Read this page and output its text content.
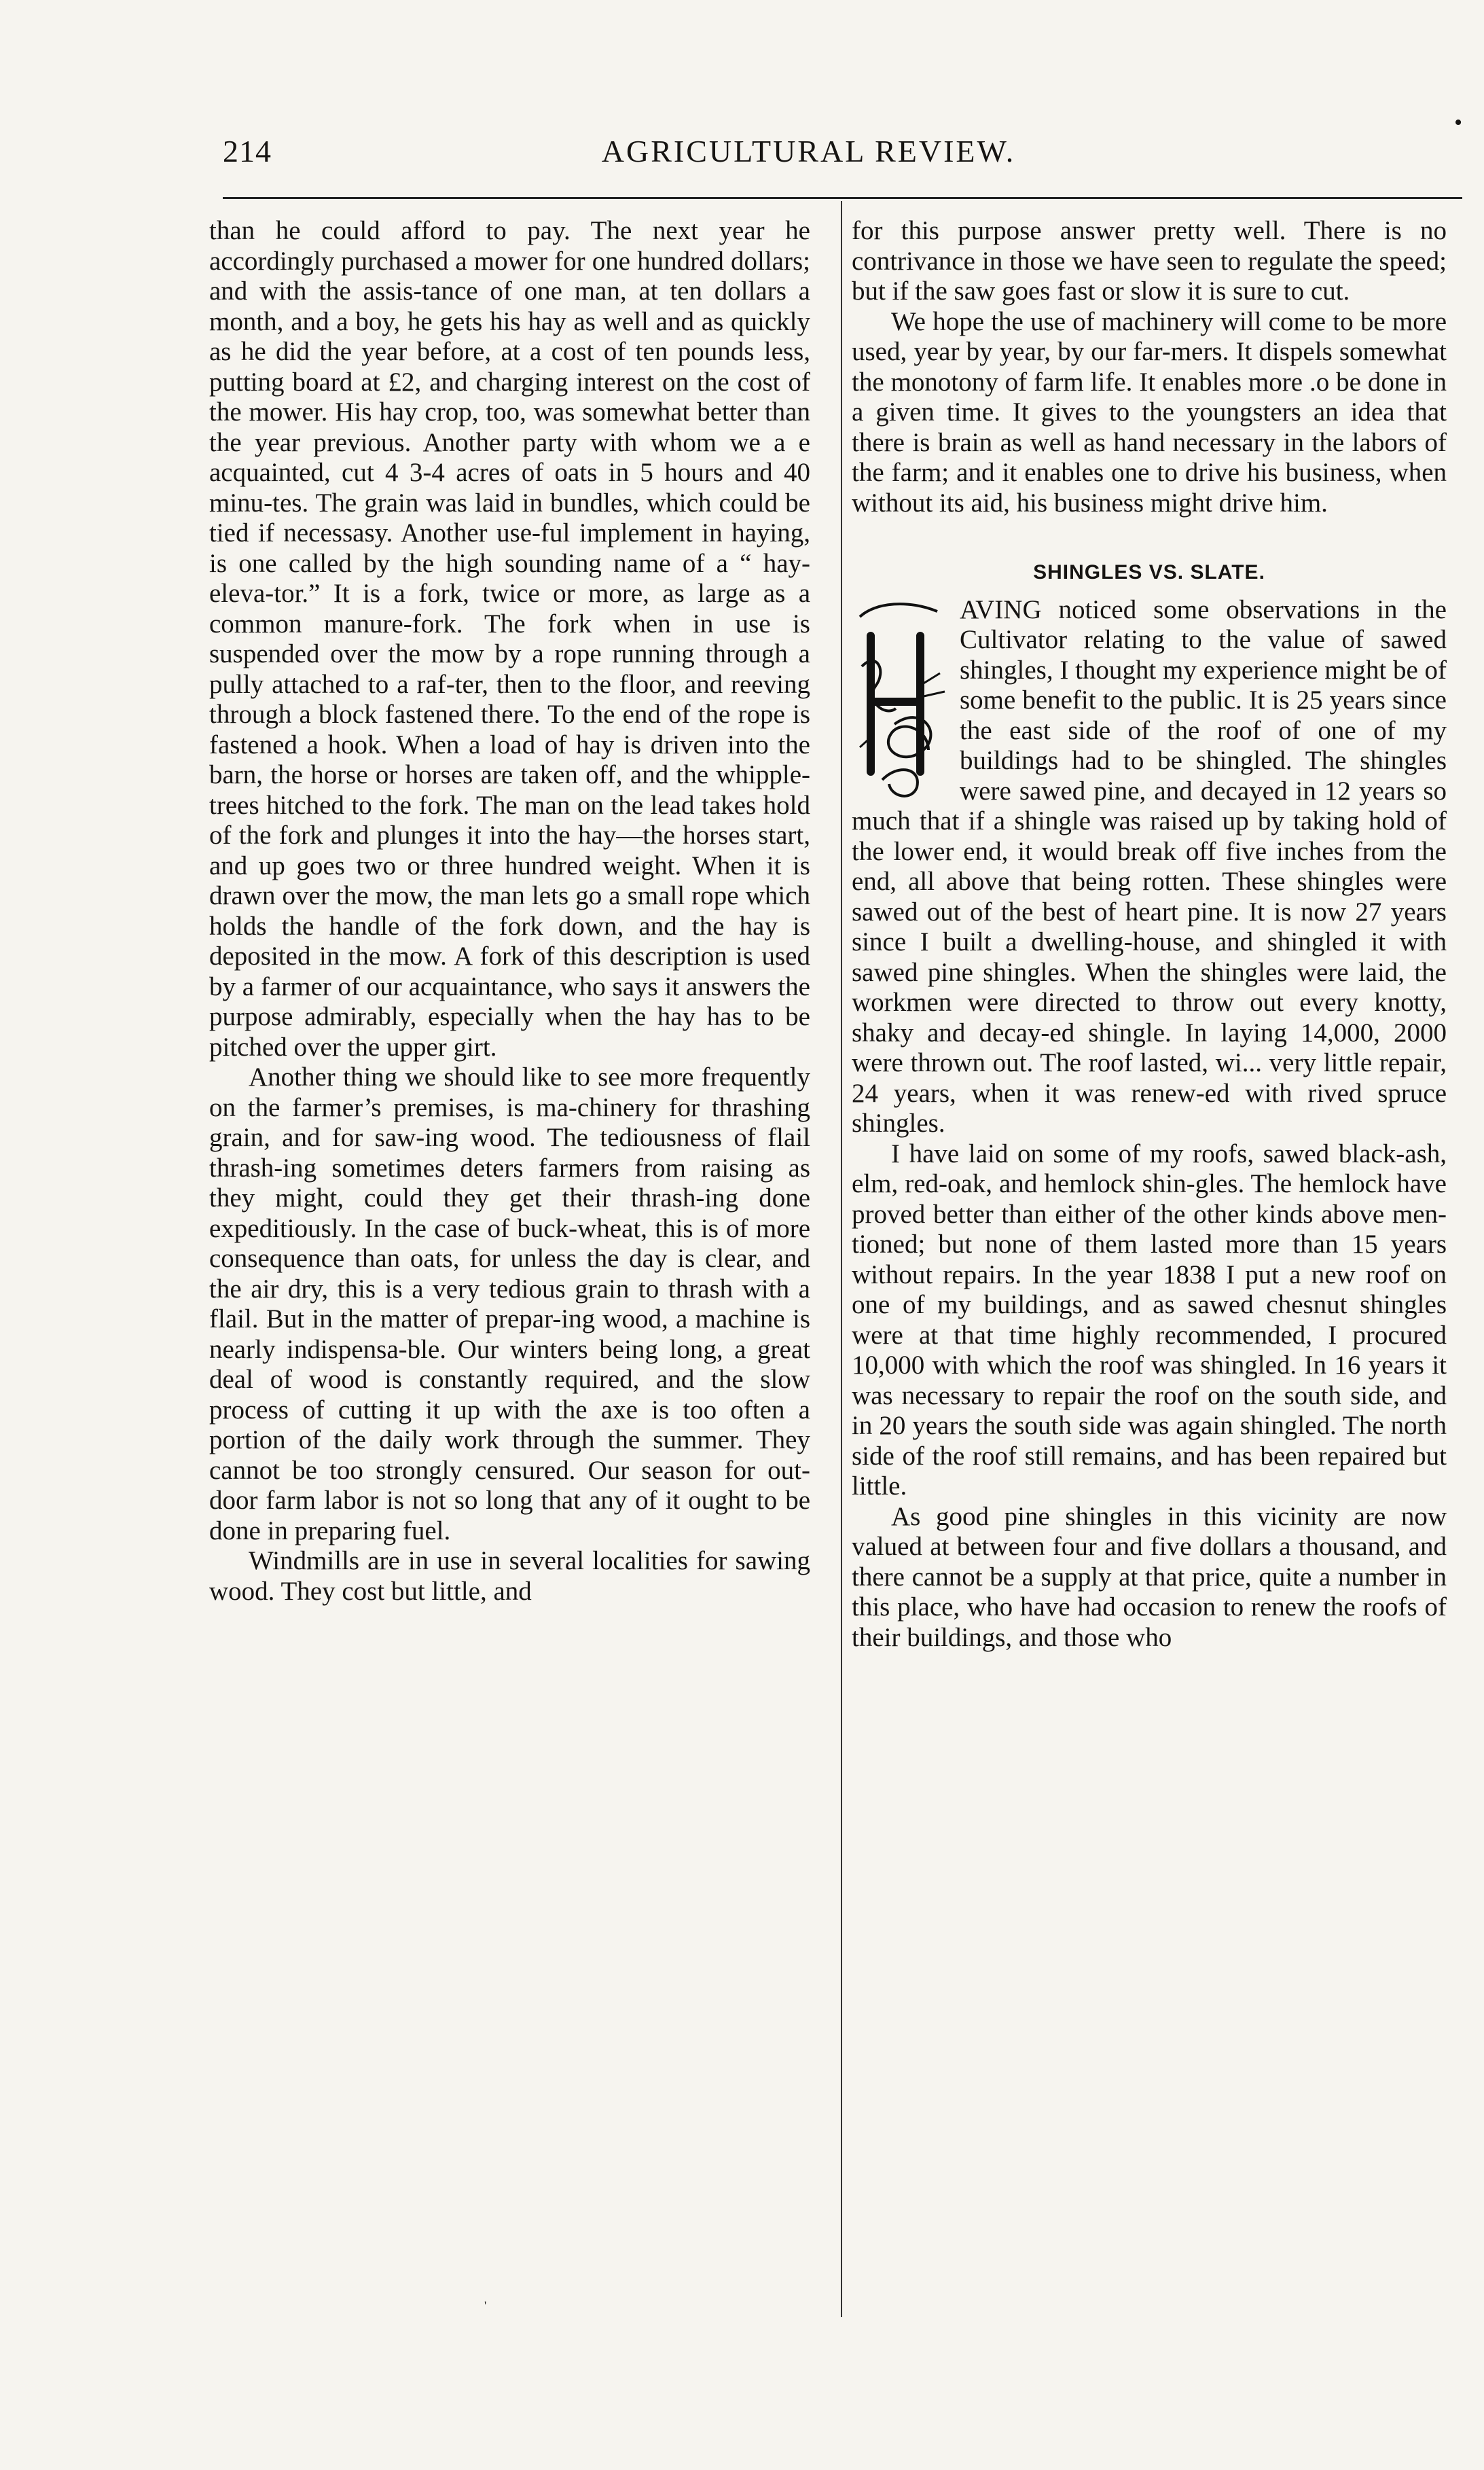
214	AGRICULTURAL REVIEW.
•

than he could afford to pay. The next year he accordingly purchased a mower for one hundred dollars; and with the assis-tance of one man, at ten dollars a month, and a boy, he gets his hay as well and as quickly as he did the year before, at a cost of ten pounds less, putting board at £2, and charging interest on the cost of the mower. His hay crop, too, was somewhat better than the year previous. Another party with whom we a e acquainted, cut 4 3-4 acres of oats in 5 hours and 40 minu-tes. The grain was laid in bundles, which could be tied if necessasy. Another use-ful implement in haying, is one called by the high sounding name of a “ hay-eleva-tor.” It is a fork, twice or more, as large as a common manure-fork. The fork when in use is suspended over the mow by a rope running through a pully attached to a raf-ter, then to the floor, and reeving through a block fastened there. To the end of the rope is fastened a hook. When a load of hay is driven into the barn, the horse or horses are taken off, and the whipple-trees hitched to the fork. The man on the lead takes hold of the fork and plunges it into the hay—the horses start, and up goes two or three hundred weight. When it is drawn over the mow, the man lets go a small rope which holds the handle of the fork down, and the hay is deposited in the mow. A fork of this description is used by a farmer of our acquaintance, who says it answers the purpose admirably, especially when the hay has to be pitched over the upper girt.

Another thing we should like to see more frequently on the farmer’s premises, is ma-chinery for thrashing grain, and for saw-ing wood. The tediousness of flail thrash-ing sometimes deters farmers from raising as they might, could they get their thrash-ing done expeditiously. In the case of buck-wheat, this is of more consequence than oats, for unless the day is clear, and the air dry, this is a very tedious grain to thrash with a flail. But in the matter of prepar-ing wood, a machine is nearly indispensa-ble. Our winters being long, a great deal of wood is constantly required, and the slow process of cutting it up with the axe is too often a portion of the daily work through the summer. They cannot be too strongly censured. Our season for out-door farm labor is not so long that any of it ought to be done in preparing fuel.

Windmills are in use in several localities for sawing wood. They cost but little, and

for this purpose answer pretty well. There is no contrivance in those we have seen to regulate the speed; but if the saw goes fast or slow it is sure to cut.

We hope the use of machinery will come to be more used, year by year, by our far-mers. It dispels somewhat the monotony of farm life. It enables more .o be done in a given time. It gives to the youngsters an idea that there is brain as well as hand necessary in the labors of the farm; and it enables one to drive his business, when without its aid, his business might drive him.

SHINGLES VS. SLATE.

AVING noticed some observations in the Cultivator relating to the value of sawed shingles, I thought my experience might be of some benefit to the public. It is 25 years since the east side of the roof of one of my buildings had to be shingled. The shingles were sawed pine, and decayed in 12 years so much that if a shingle was raised up by taking hold of the lower end, it would break off five inches from the end, all above that being rotten. These shingles were sawed out of the best of heart pine. It is now 27 years since I built a dwelling-house, and shingled it with sawed pine shingles. When the shingles were laid, the workmen were directed to throw out every knotty, shaky and decay-ed shingle. In laying 14,000, 2000 were thrown out. The roof lasted, wi... very little repair, 24 years, when it was renew-ed with rived spruce shingles.

I have laid on some of my roofs, sawed black-ash, elm, red-oak, and hemlock shin-gles. The hemlock have proved better than either of the other kinds above men-tioned; but none of them lasted more than 15 years without repairs. In the year 1838 I put a new roof on one of my buildings, and as sawed chesnut shingles were at that time highly recommended, I procured 10,000 with which the roof was shingled. In 16 years it was necessary to repair the roof on the south side, and in 20 years the south side was again shingled. The north side of the roof still remains, and has been repaired but little.

As good pine shingles in this vicinity are now valued at between four and five dollars a thousand, and there cannot be a supply at that price, quite a number in this place, who have had occasion to renew the roofs of their buildings, and those who

'
